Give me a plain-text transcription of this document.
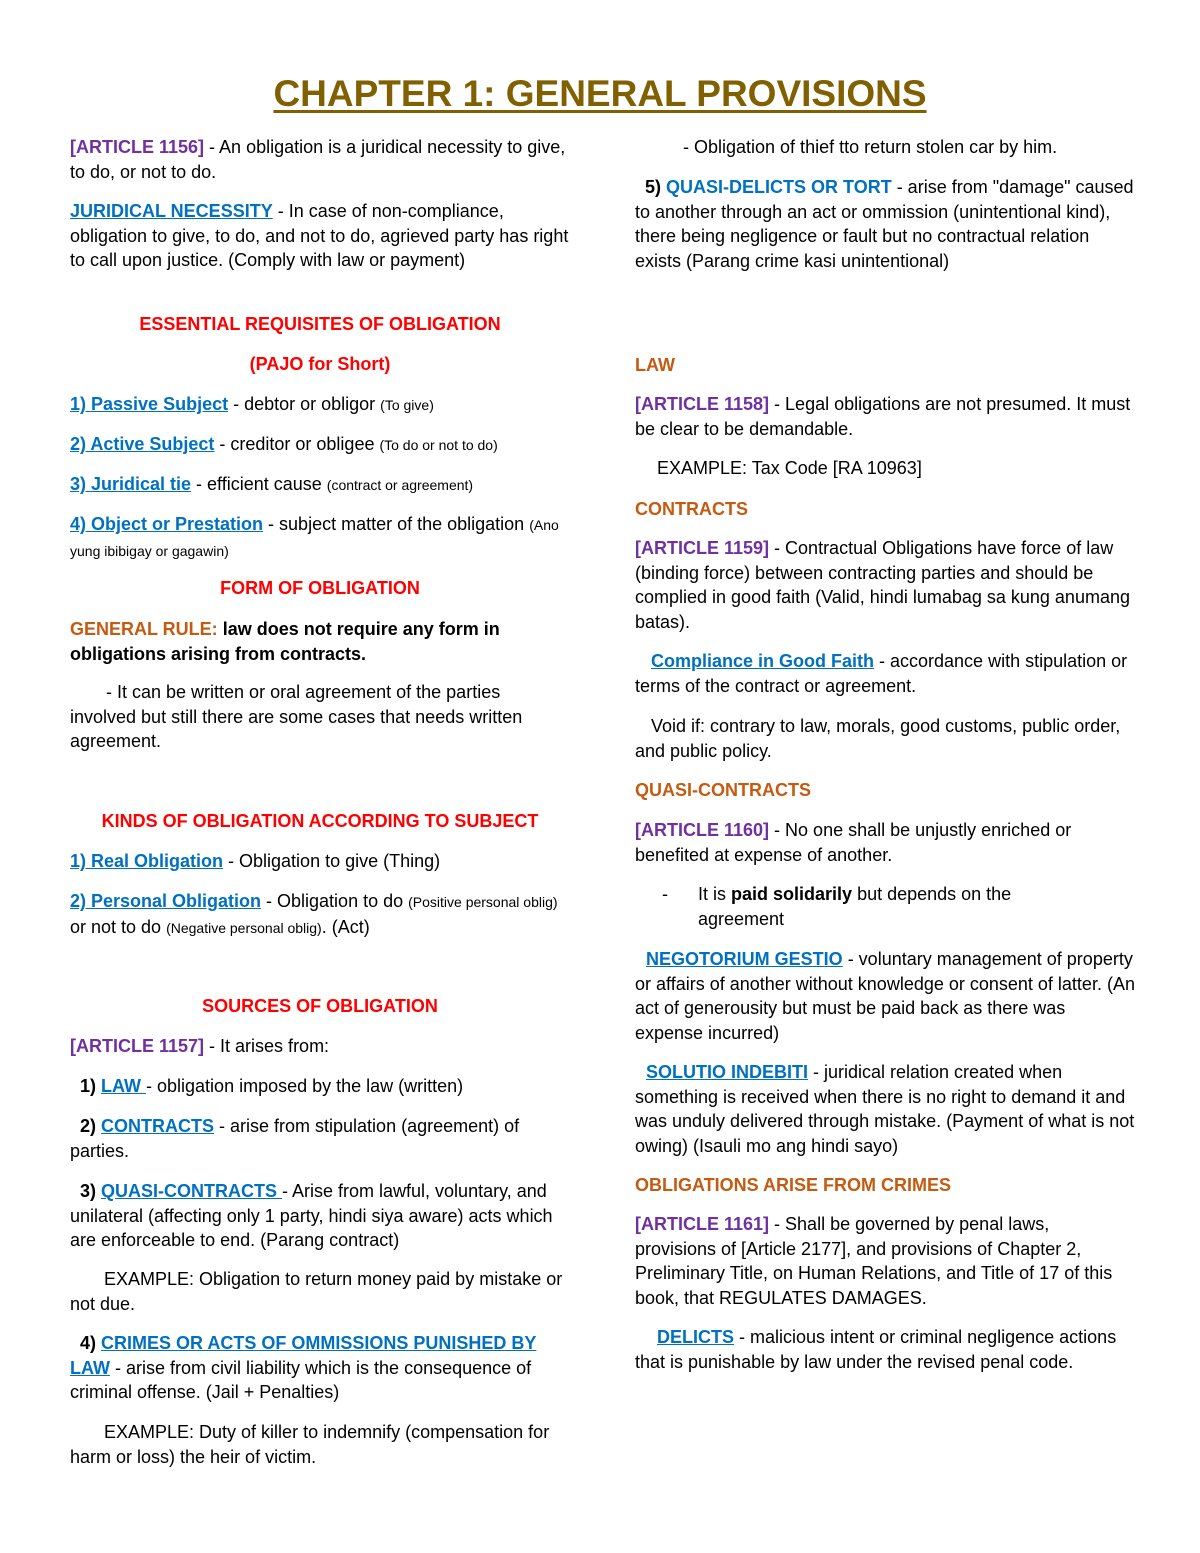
CHAPTER 1: GENERAL PROVISIONS
[ARTICLE 1156] - An obligation is a juridical necessity to give, to do, or not to do.
JURIDICAL NECESSITY - In case of non-compliance, obligation to give, to do, and not to do, agrieved party has right to call upon justice. (Comply with law or payment)
ESSENTIAL REQUISITES OF OBLIGATION
(PAJO for Short)
1) Passive Subject - debtor or obligor (To give)
2) Active Subject - creditor or obligee (To do or not to do)
3) Juridical tie - efficient cause (contract or agreement)
4) Object or Prestation - subject matter of the obligation (Ano yung ibibigay or gagawin)
FORM OF OBLIGATION
GENERAL RULE: law does not require any form in obligations arising from contracts.
- It can be written or oral agreement of the parties involved but still there are some cases that needs written agreement.
KINDS OF OBLIGATION ACCORDING TO SUBJECT
1) Real Obligation - Obligation to give (Thing)
2) Personal Obligation - Obligation to do (Positive personal oblig) or not to do (Negative personal oblig). (Act)
SOURCES OF OBLIGATION
[ARTICLE 1157] - It arises from:
1) LAW - obligation imposed by the law (written)
2) CONTRACTS - arise from stipulation (agreement) of parties.
3) QUASI-CONTRACTS - Arise from lawful, voluntary, and unilateral (affecting only 1 party, hindi siya aware) acts which are enforceable to end. (Parang contract)
EXAMPLE: Obligation to return money paid by mistake or not due.
4) CRIMES OR ACTS OF OMMISSIONS PUNISHED BY LAW - arise from civil liability which is the consequence of criminal offense. (Jail + Penalties)
EXAMPLE: Duty of killer to indemnify (compensation for harm or loss) the heir of victim.
- Obligation of thief tto return stolen car by him.
5) QUASI-DELICTS OR TORT - arise from "damage" caused to another through an act or ommission (unintentional kind), there being negligence or fault but no contractual relation exists (Parang crime kasi unintentional)
LAW
[ARTICLE 1158] - Legal obligations are not presumed. It must be clear to be demandable.
EXAMPLE: Tax Code [RA 10963]
CONTRACTS
[ARTICLE 1159] - Contractual Obligations have force of law (binding force) between contracting parties and should be complied in good faith (Valid, hindi lumabag sa kung anumang batas).
Compliance in Good Faith - accordance with stipulation or terms of the contract or agreement.
Void if: contrary to law, morals, good customs, public order, and public policy.
QUASI-CONTRACTS
[ARTICLE 1160] - No one shall be unjustly enriched or benefited at expense of another.
-	It is paid solidarily but depends on the agreement
NEGOTORIUM GESTIO - voluntary management of property or affairs of another without knowledge or consent of latter. (An act of generousity but must be paid back as there was expense incurred)
SOLUTIO INDEBITI - juridical relation created when something is received when there is no right to demand it and was unduly delivered through mistake. (Payment of what is not owing) (Isauli mo ang hindi sayo)
OBLIGATIONS ARISE FROM CRIMES
[ARTICLE 1161] - Shall be governed by penal laws, provisions of [Article 2177], and provisions of Chapter 2, Preliminary Title, on Human Relations, and Title of 17 of this book, that REGULATES DAMAGES.
DELICTS - malicious intent or criminal negligence actions that is punishable by law under the revised penal code.
